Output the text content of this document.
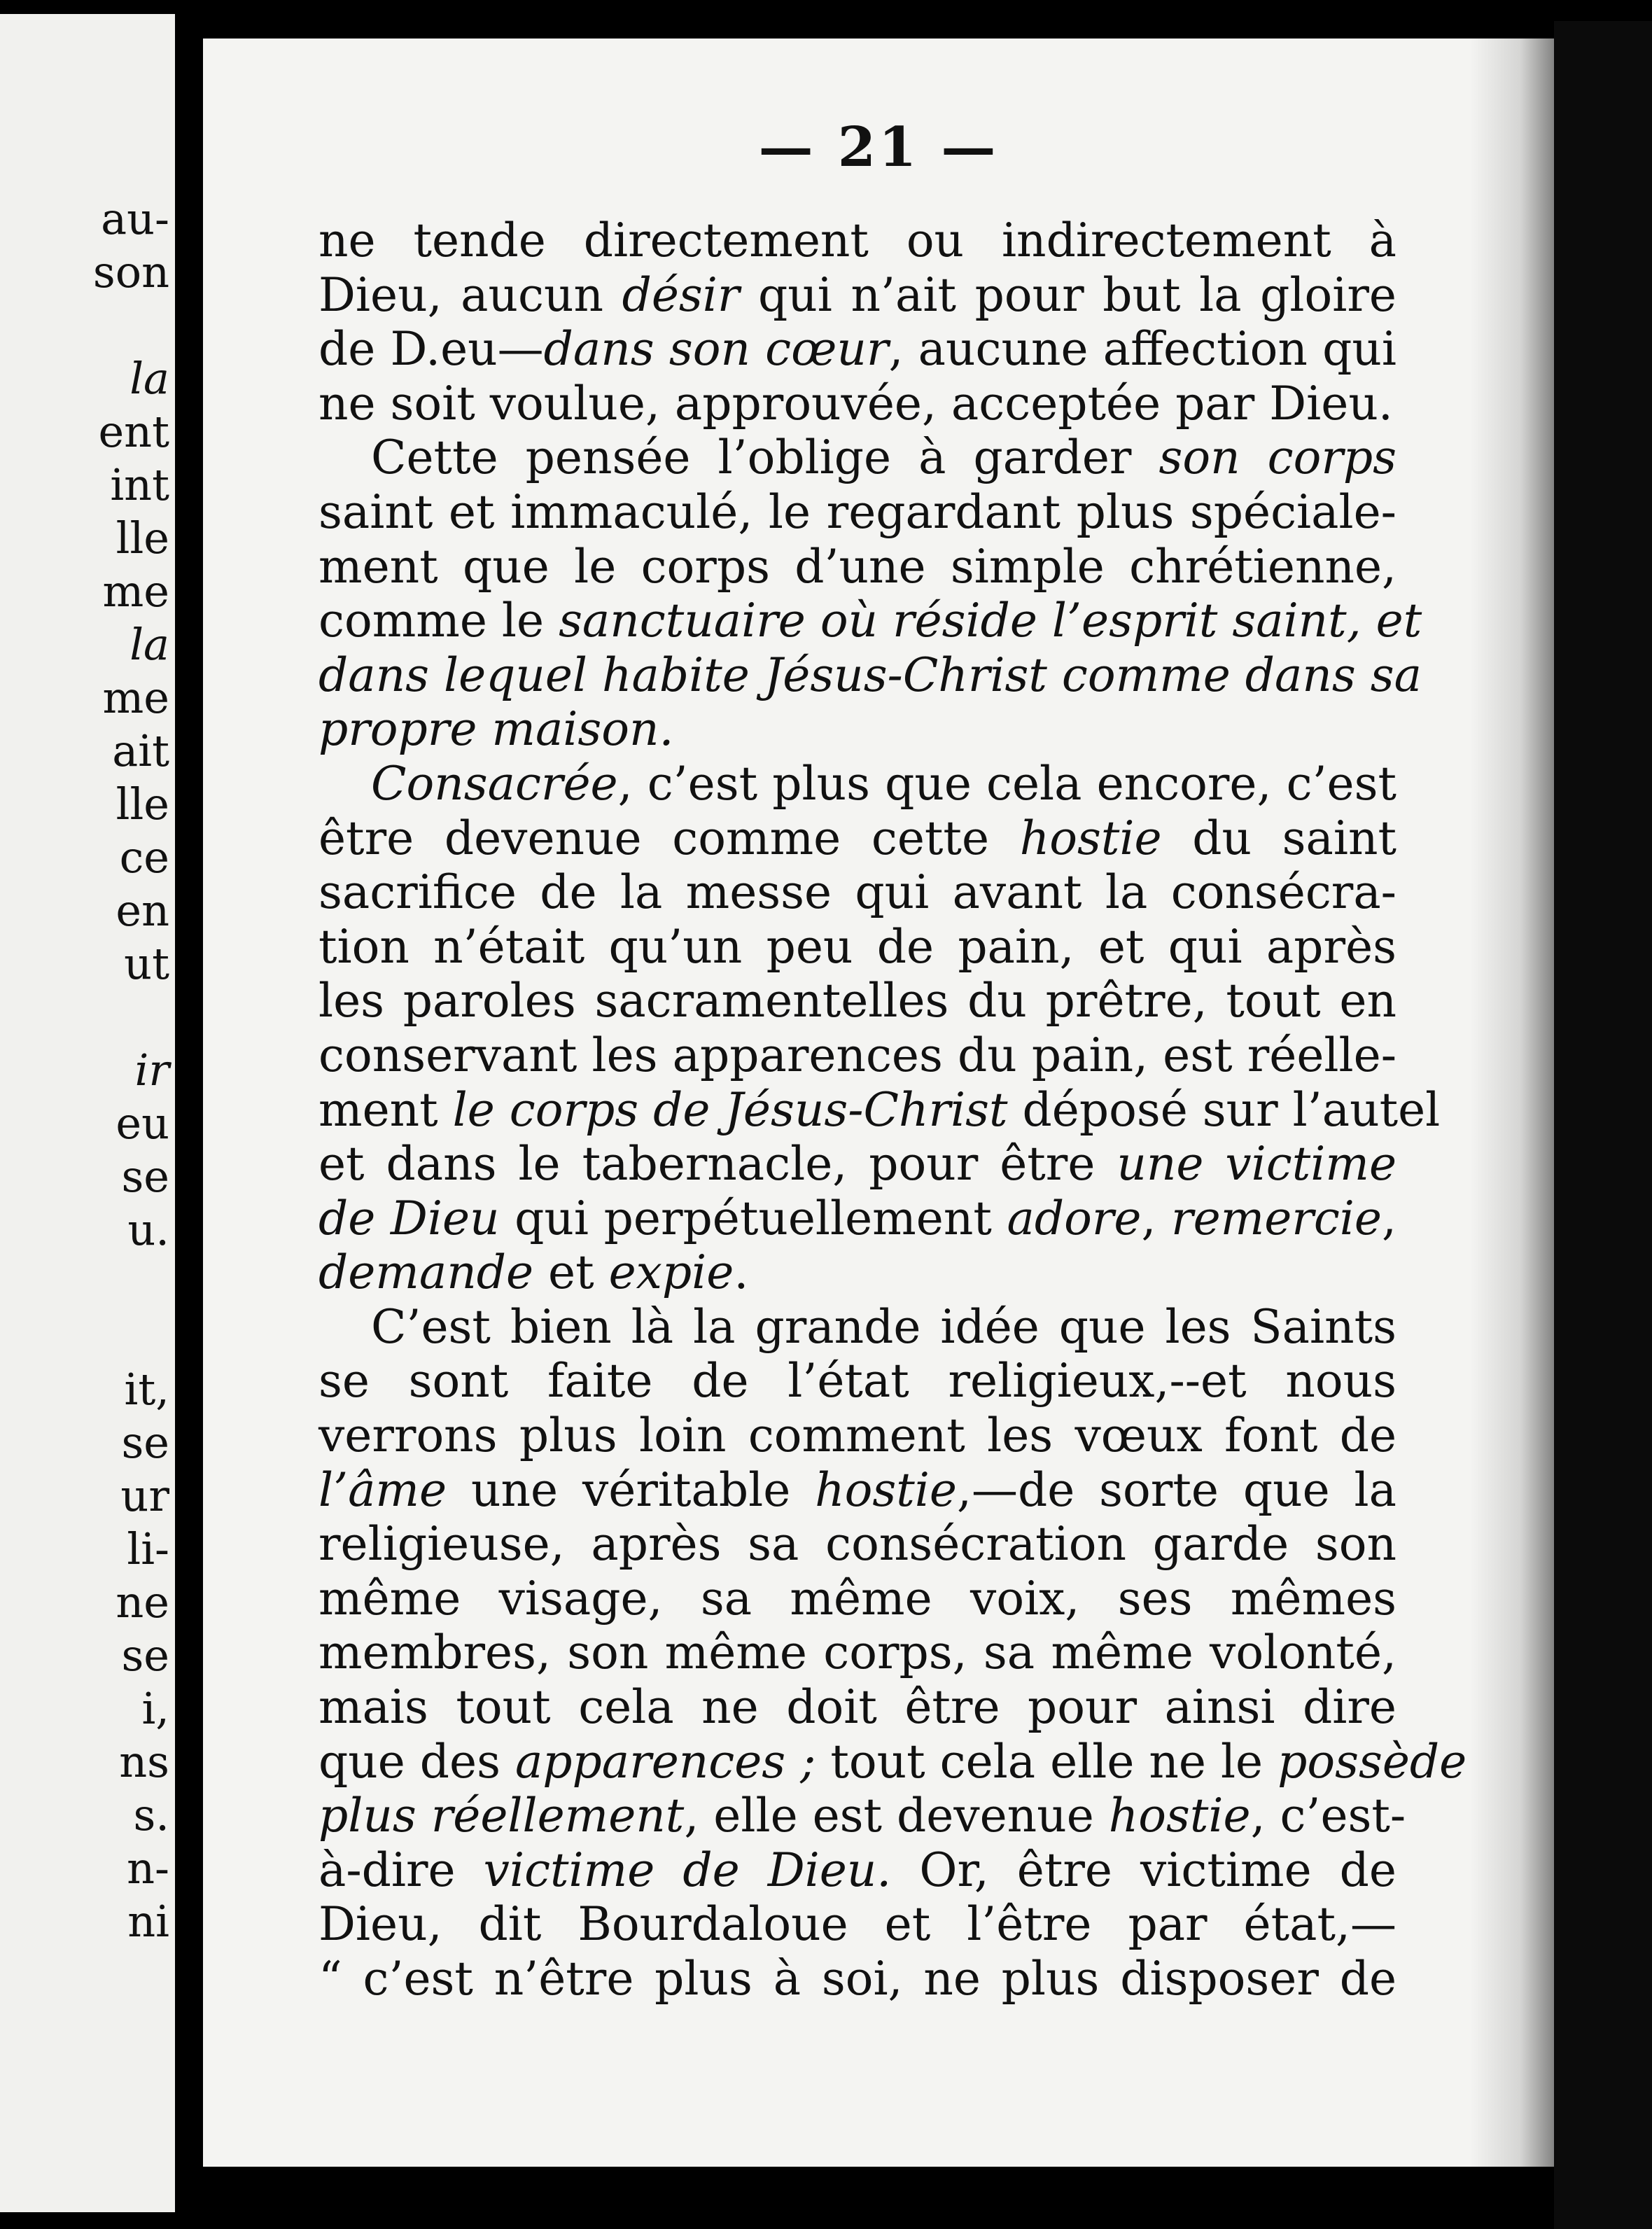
au-
son
la
ent
int
lle
me
la
me
ait
lle
ce
en
ut
ir
eu
se
u.
it,
se
ur
li-
ne
se
i,
ns
s.
n-
ni
— 21 —
ne tende directement ou indirectement à
Dieu, aucun désir qui n’ait pour but la gloire
de D.eu—dans son cœur, aucune affection qui
ne soit voulue, approuvée, acceptée par Dieu.
Cette pensée l’oblige à garder son corps
saint et immaculé, le regardant plus spéciale-
ment que le corps d’une simple chrétienne,
comme le sanctuaire où réside l’esprit saint, et
dans lequel habite Jésus-Christ comme dans sa
propre maison.
Consacrée, c’est plus que cela encore, c’est
être devenue comme cette hostie du saint
sacrifice de la messe qui avant la consécra-
tion n’était qu’un peu de pain, et qui après
les paroles sacramentelles du prêtre, tout en
conservant les apparences du pain, est réelle-
ment le corps de Jésus-Christ déposé sur l’autel
et dans le tabernacle, pour être une victime
de Dieu qui perpétuellement adore, remercie,
demande et expie.
C’est bien là la grande idée que les Saints
se sont faite de l’état religieux,--et nous
verrons plus loin comment les vœux font de
l’âme une véritable hostie,—de sorte que la
religieuse, après sa consécration garde son
même visage, sa même voix, ses mêmes
membres, son même corps, sa même volonté,
mais tout cela ne doit être pour ainsi dire
que des apparences ; tout cela elle ne le possède
plus réellement, elle est devenue hostie, c’est-
à-dire victime de Dieu. Or, être victime de
Dieu, dit Bourdaloue et l’être par état,—
“ c’est n’être plus à soi, ne plus disposer de
